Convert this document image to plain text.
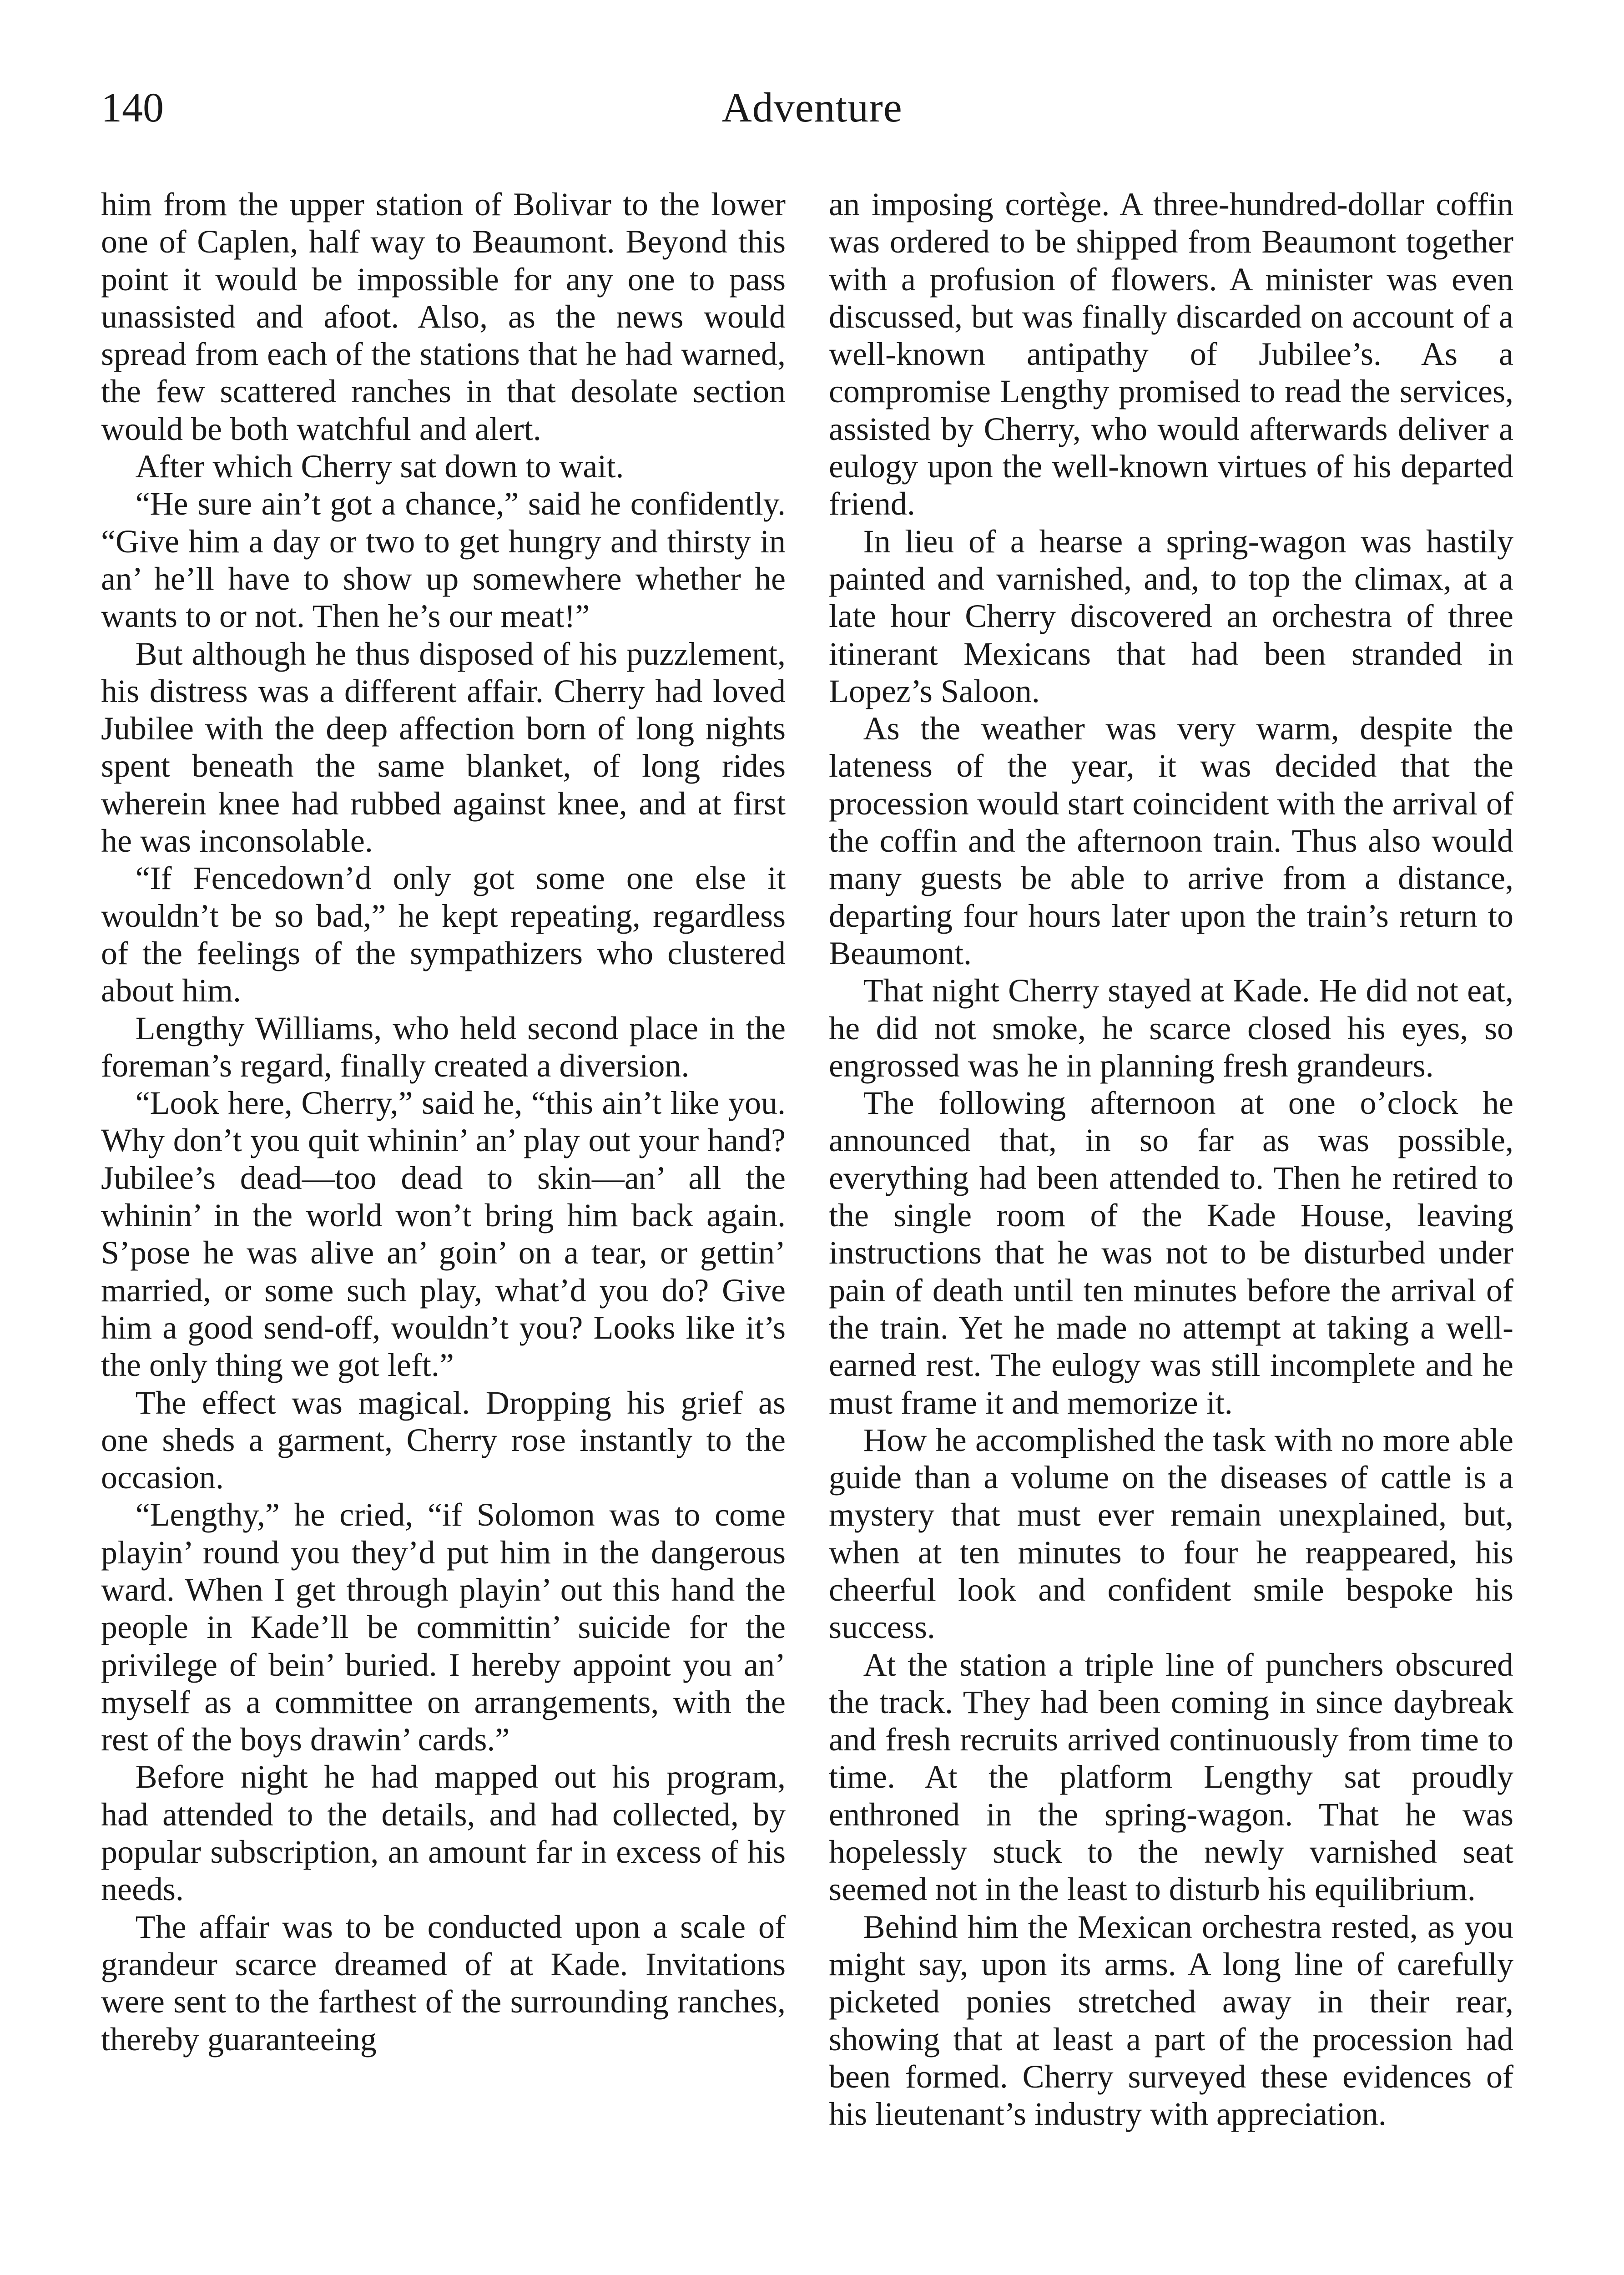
140	Adventure

him from the upper station of Bolivar to the lower one of Caplen, half way to Beaumont. Beyond this point it would be impossible for any one to pass unassisted and afoot. Also, as the news would spread from each of the stations that he had warned, the few scattered ranches in that desolate section would be both watchful and alert.

After which Cherry sat down to wait.

“He sure ain’t got a chance,” said he confidently. “Give him a day or two to get hungry and thirsty in an’ he’ll have to show up somewhere whether he wants to or not. Then he’s our meat!”

But although he thus disposed of his puzzlement, his distress was a different affair. Cherry had loved Jubilee with the deep affection born of long nights spent beneath the same blanket, of long rides wherein knee had rubbed against knee, and at first he was inconsolable.

“If Fencedown’d only got some one else it wouldn’t be so bad,” he kept repeating, regardless of the feelings of the sympathizers who clustered about him.

Lengthy Williams, who held second place in the foreman’s regard, finally created a diversion.

“Look here, Cherry,” said he, “this ain’t like you. Why don’t you quit whinin’ an’ play out your hand? Jubilee’s dead—too dead to skin—an’ all the whinin’ in the world won’t bring him back again. S’pose he was alive an’ goin’ on a tear, or gettin’ married, or some such play, what’d you do? Give him a good send-off, wouldn’t you? Looks like it’s the only thing we got left.”

The effect was magical. Dropping his grief as one sheds a garment, Cherry rose instantly to the occasion.

“Lengthy,” he cried, “if Solomon was to come playin’ round you they’d put him in the dangerous ward. When I get through playin’ out this hand the people in Kade’ll be committin’ suicide for the privilege of bein’ buried. I hereby appoint you an’ myself as a committee on arrangements, with the rest of the boys drawin’ cards.”

Before night he had mapped out his program, had attended to the details, and had collected, by popular subscription, an amount far in excess of his needs.

The affair was to be conducted upon a scale of grandeur scarce dreamed of at Kade. Invitations were sent to the farthest of the surrounding ranches, thereby guaranteeing

an imposing cortège. A three-hundred-dollar coffin was ordered to be shipped from Beaumont together with a profusion of flowers. A minister was even discussed, but was finally discarded on account of a well-known antipathy of Jubilee’s. As a compromise Lengthy promised to read the services, assisted by Cherry, who would afterwards deliver a eulogy upon the well-known virtues of his departed friend.

In lieu of a hearse a spring-wagon was hastily painted and varnished, and, to top the climax, at a late hour Cherry discovered an orchestra of three itinerant Mexicans that had been stranded in Lopez’s Saloon.

As the weather was very warm, despite the lateness of the year, it was decided that the procession would start coincident with the arrival of the coffin and the afternoon train. Thus also would many guests be able to arrive from a distance, departing four hours later upon the train’s return to Beaumont.

That night Cherry stayed at Kade. He did not eat, he did not smoke, he scarce closed his eyes, so engrossed was he in planning fresh grandeurs.

The following afternoon at one o’clock he announced that, in so far as was possible, everything had been attended to. Then he retired to the single room of the Kade House, leaving instructions that he was not to be disturbed under pain of death until ten minutes before the arrival of the train. Yet he made no attempt at taking a well-earned rest. The eulogy was still incomplete and he must frame it and memorize it.

How he accomplished the task with no more able guide than a volume on the diseases of cattle is a mystery that must ever remain unexplained, but, when at ten minutes to four he reappeared, his cheerful look and confident smile bespoke his success.

At the station a triple line of punchers obscured the track. They had been coming in since daybreak and fresh recruits arrived continuously from time to time. At the platform Lengthy sat proudly enthroned in the spring-wagon. That he was hopelessly stuck to the newly varnished seat seemed not in the least to disturb his equilibrium.

Behind him the Mexican orchestra rested, as you might say, upon its arms. A long line of carefully picketed ponies stretched away in their rear, showing that at least a part of the procession had been formed. Cherry surveyed these evidences of his lieutenant’s industry with appreciation.
